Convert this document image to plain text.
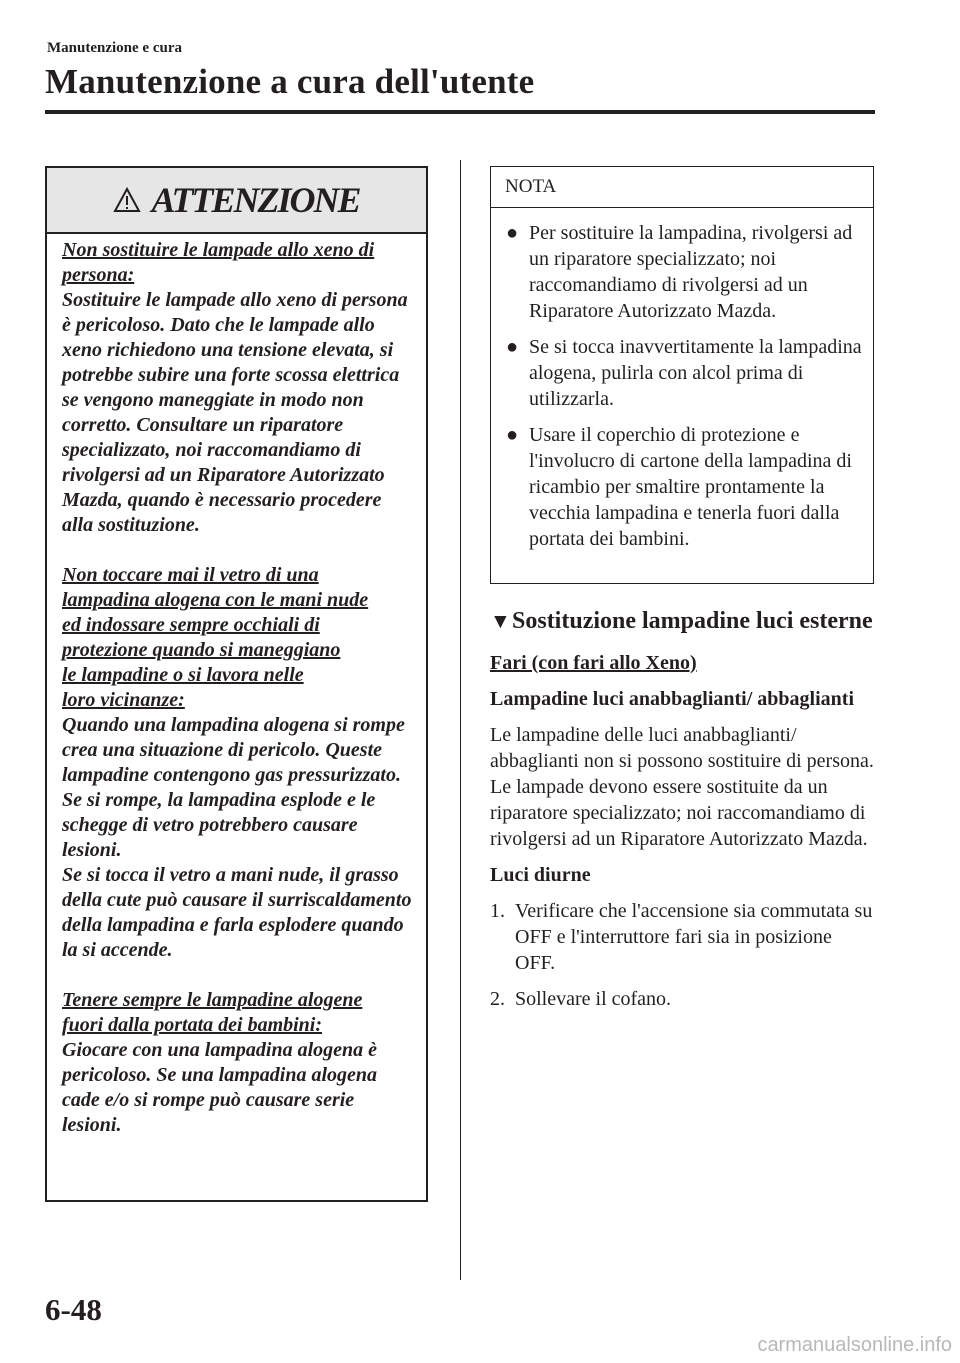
Manutenzione e cura
Manutenzione a cura dell'utente
ATTENZIONE
Non sostituire le lampade allo xeno di
persona:
Sostituire le lampade allo xeno di persona è pericoloso. Dato che le lampade allo xeno richiedono una tensione elevata, si potrebbe subire una forte scossa elettrica se vengono maneggiate in modo non corretto. Consultare un riparatore specializzato, noi raccomandiamo di rivolgersi ad un Riparatore Autorizzato Mazda, quando è necessario procedere alla sostituzione.
Non toccare mai il vetro di una
lampadina alogena con le mani nude
ed indossare sempre occhiali di
protezione quando si maneggiano
le lampadine o si lavora nelle
loro vicinanze:
Quando una lampadina alogena si rompe crea una situazione di pericolo. Queste lampadine contengono gas pressurizzato. Se si rompe, la lampadina esplode e le schegge di vetro potrebbero causare lesioni.
Se si tocca il vetro a mani nude, il grasso della cute può causare il surriscaldamento della lampadina e farla esplodere quando la si accende.
Tenere sempre le lampadine alogene
fuori dalla portata dei bambini:
Giocare con una lampadina alogena è pericoloso. Se una lampadina alogena cade e/o si rompe può causare serie lesioni.
NOTA
● Per sostituire la lampadina, rivolgersi ad un riparatore specializzato; noi raccomandiamo di rivolgersi ad un Riparatore Autorizzato Mazda.
● Se si tocca inavvertitamente la lampadina alogena, pulirla con alcol prima di utilizzarla.
● Usare il coperchio di protezione e l'involucro di cartone della lampadina di ricambio per smaltire prontamente la vecchia lampadina e tenerla fuori dalla portata dei bambini.
▼ Sostituzione lampadine luci esterne
Fari (con fari allo Xeno)
Lampadine luci anabbaglianti/ abbaglianti
Le lampadine delle luci anabbaglianti/ abbaglianti non si possono sostituire di persona. Le lampade devono essere sostituite da un riparatore specializzato; noi raccomandiamo di rivolgersi ad un Riparatore Autorizzato Mazda.
Luci diurne
1. Verificare che l'accensione sia commutata su OFF e l'interruttore fari sia in posizione OFF.
2. Sollevare il cofano.
6-48
carmanualsonline.info
